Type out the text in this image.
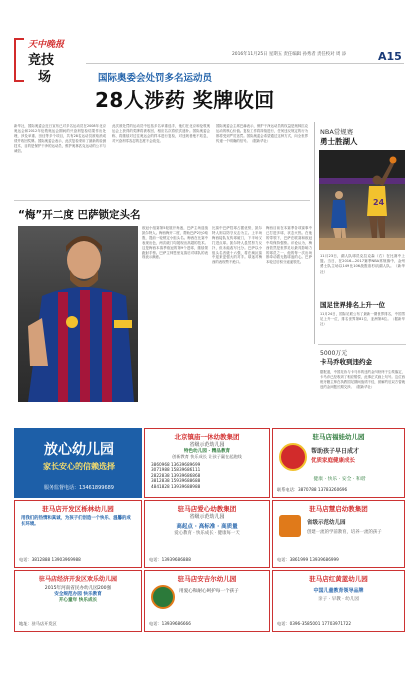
天中晚报
竞技
场
2016年11月25日 星期五 责任编辑 孙秀者 责任校对 周 添	A15
国际奥委会处罚多名运动员
28人涉药 奖牌收回
新华社，国际奥委会近日宣布已对多名运动员在2008年北京奥运会和2012年伦敦奥运会期间的兴奋剂复检结果作出处理，涉及举重、田径等多个项目，共有28名运动员被取消成绩并收回奖牌。国际奥委会表示，此次复检采用了最新的检测技术，目的是保护干净的运动员，维护奥林匹克运动的公平与诚信。
此次被处罚的运动员中包括多名举重选手，他们在北京和伦敦奥运会上获得的奖牌将被收回，相应名次将依次递补。国际奥委会称，将继续对过往奥运会的样本进行复检，对违规者绝不姑息，对兴奋剂零容忍的态度不会改变。
国际奥委会主席巴赫表示，保护干净运动员的权益是奥林匹克运动的核心价值。复检工作将持续进行，任何违反规定的行为都将受到严厉惩罚。国际奥委会希望通过这种方式，向全世界传递一个明确的信号。（据新华社）
NBA常规赛
勇士胜湖人
24
11月23日，湖人队球员克拉克森（右）在比赛中上篮。当日，在2016—2017赛季NBA常规赛中，金州勇士队主场以149比106战胜洛杉矶湖人队。（新华社）
国足世界排名上升一位
11月24日，国际足联公布了最新一期世界排名，中国男足上升一位，排名世界第81位，亚洲第8位。（据新华社）
5000万元
卡马乔收到违约金
据报道，中国足协与卡马乔的违约金纠纷终于尘埃落定，卡马乔已经收到了相应赔偿，此事正式画上句号。这位西班牙籍主帅在执教国足期间战绩不佳，被解约后双方曾就违约金问题长期交涉。（据新华社）
“梅”开二度 巴萨锁定头名
欧冠小组赛第5轮展开角逐，巴萨主场迎战凯尔特人。梅西梅开二度，帮助巴萨2比0取胜，提前一轮锁定小组头名。梅西在比赛中表现出色，两次破门均展现出高超的技术。这是梅西本赛季欧冠的第9个进球，继续领跑射手榜。巴萨主帅恩里克赛后对球队的表现表示满意。
比赛中巴萨控球占据优势，凯尔特人则以防守反击为主。上半场梅西接队友传球破门，下半场又打进点球。凯尔特人虽然努力反扑，但未能改写比分。巴萨以小组头名晋级十六强，将在淘汰赛中迎来更强大的对手。球迷对梅西的表现赞不绝口。
梅西目前在本赛季各项赛事中已打进多球，状态火热。在他的带领下，巴萨在联赛和欧冠中均保持强势。评论认为，梅西依然是世界足坛最具影响力的球员之一，他的每一次出场都牵动着无数球迷的心。巴萨本轮过后积分遥遥领先。
放心幼儿园
家长安心的信赖选择
服务监督电话：13461899689
北京镇庙一休幼教集团
省级示范幼儿园
特色幼儿园 · 精品教育
创新教育 快乐成长 让孩子赢在起跑线
3860968 13639689699
3071988 15839686111
2822838 13939686868
3812838 15939688688
4841828 13939688988
驻马店福娃幼儿园
帮助孩子早日成才
优质家庭健康成长
健康 · 快乐 · 安全 · 和谐
联系电话：3870788 13783260696
驻马店开发区栎林幼儿园
用我们的热情和真诚，为孩子们创造一个快乐、温馨的成长环境。
电话：3812888 13903969988
驻马店爱心幼教集团
省级示范幼儿园
高起点 · 高标准 · 高质量
爱心教育 · 快乐成长 · 健康每一天
电话：13939686888
驻马店慧启幼教集团
省级示范幼儿园
创建一流的学前教育，培养一流的孩子
电话：3861999 13939686999
驻马店经济开发区欢乐幼儿园
2015年河南省民办幼儿园200强
安全规范办园 快乐教育
开心童年 快乐成长
地址：驻马店开发区
驻马店安吉尔幼儿园
用爱心和耐心呵护每一个孩子
电话：13939686666
驻马店红黄蓝幼儿园
中国儿童教育领导品牌
亲子 · 早教 · 幼儿园
电话：0396-3585001 17703971722
